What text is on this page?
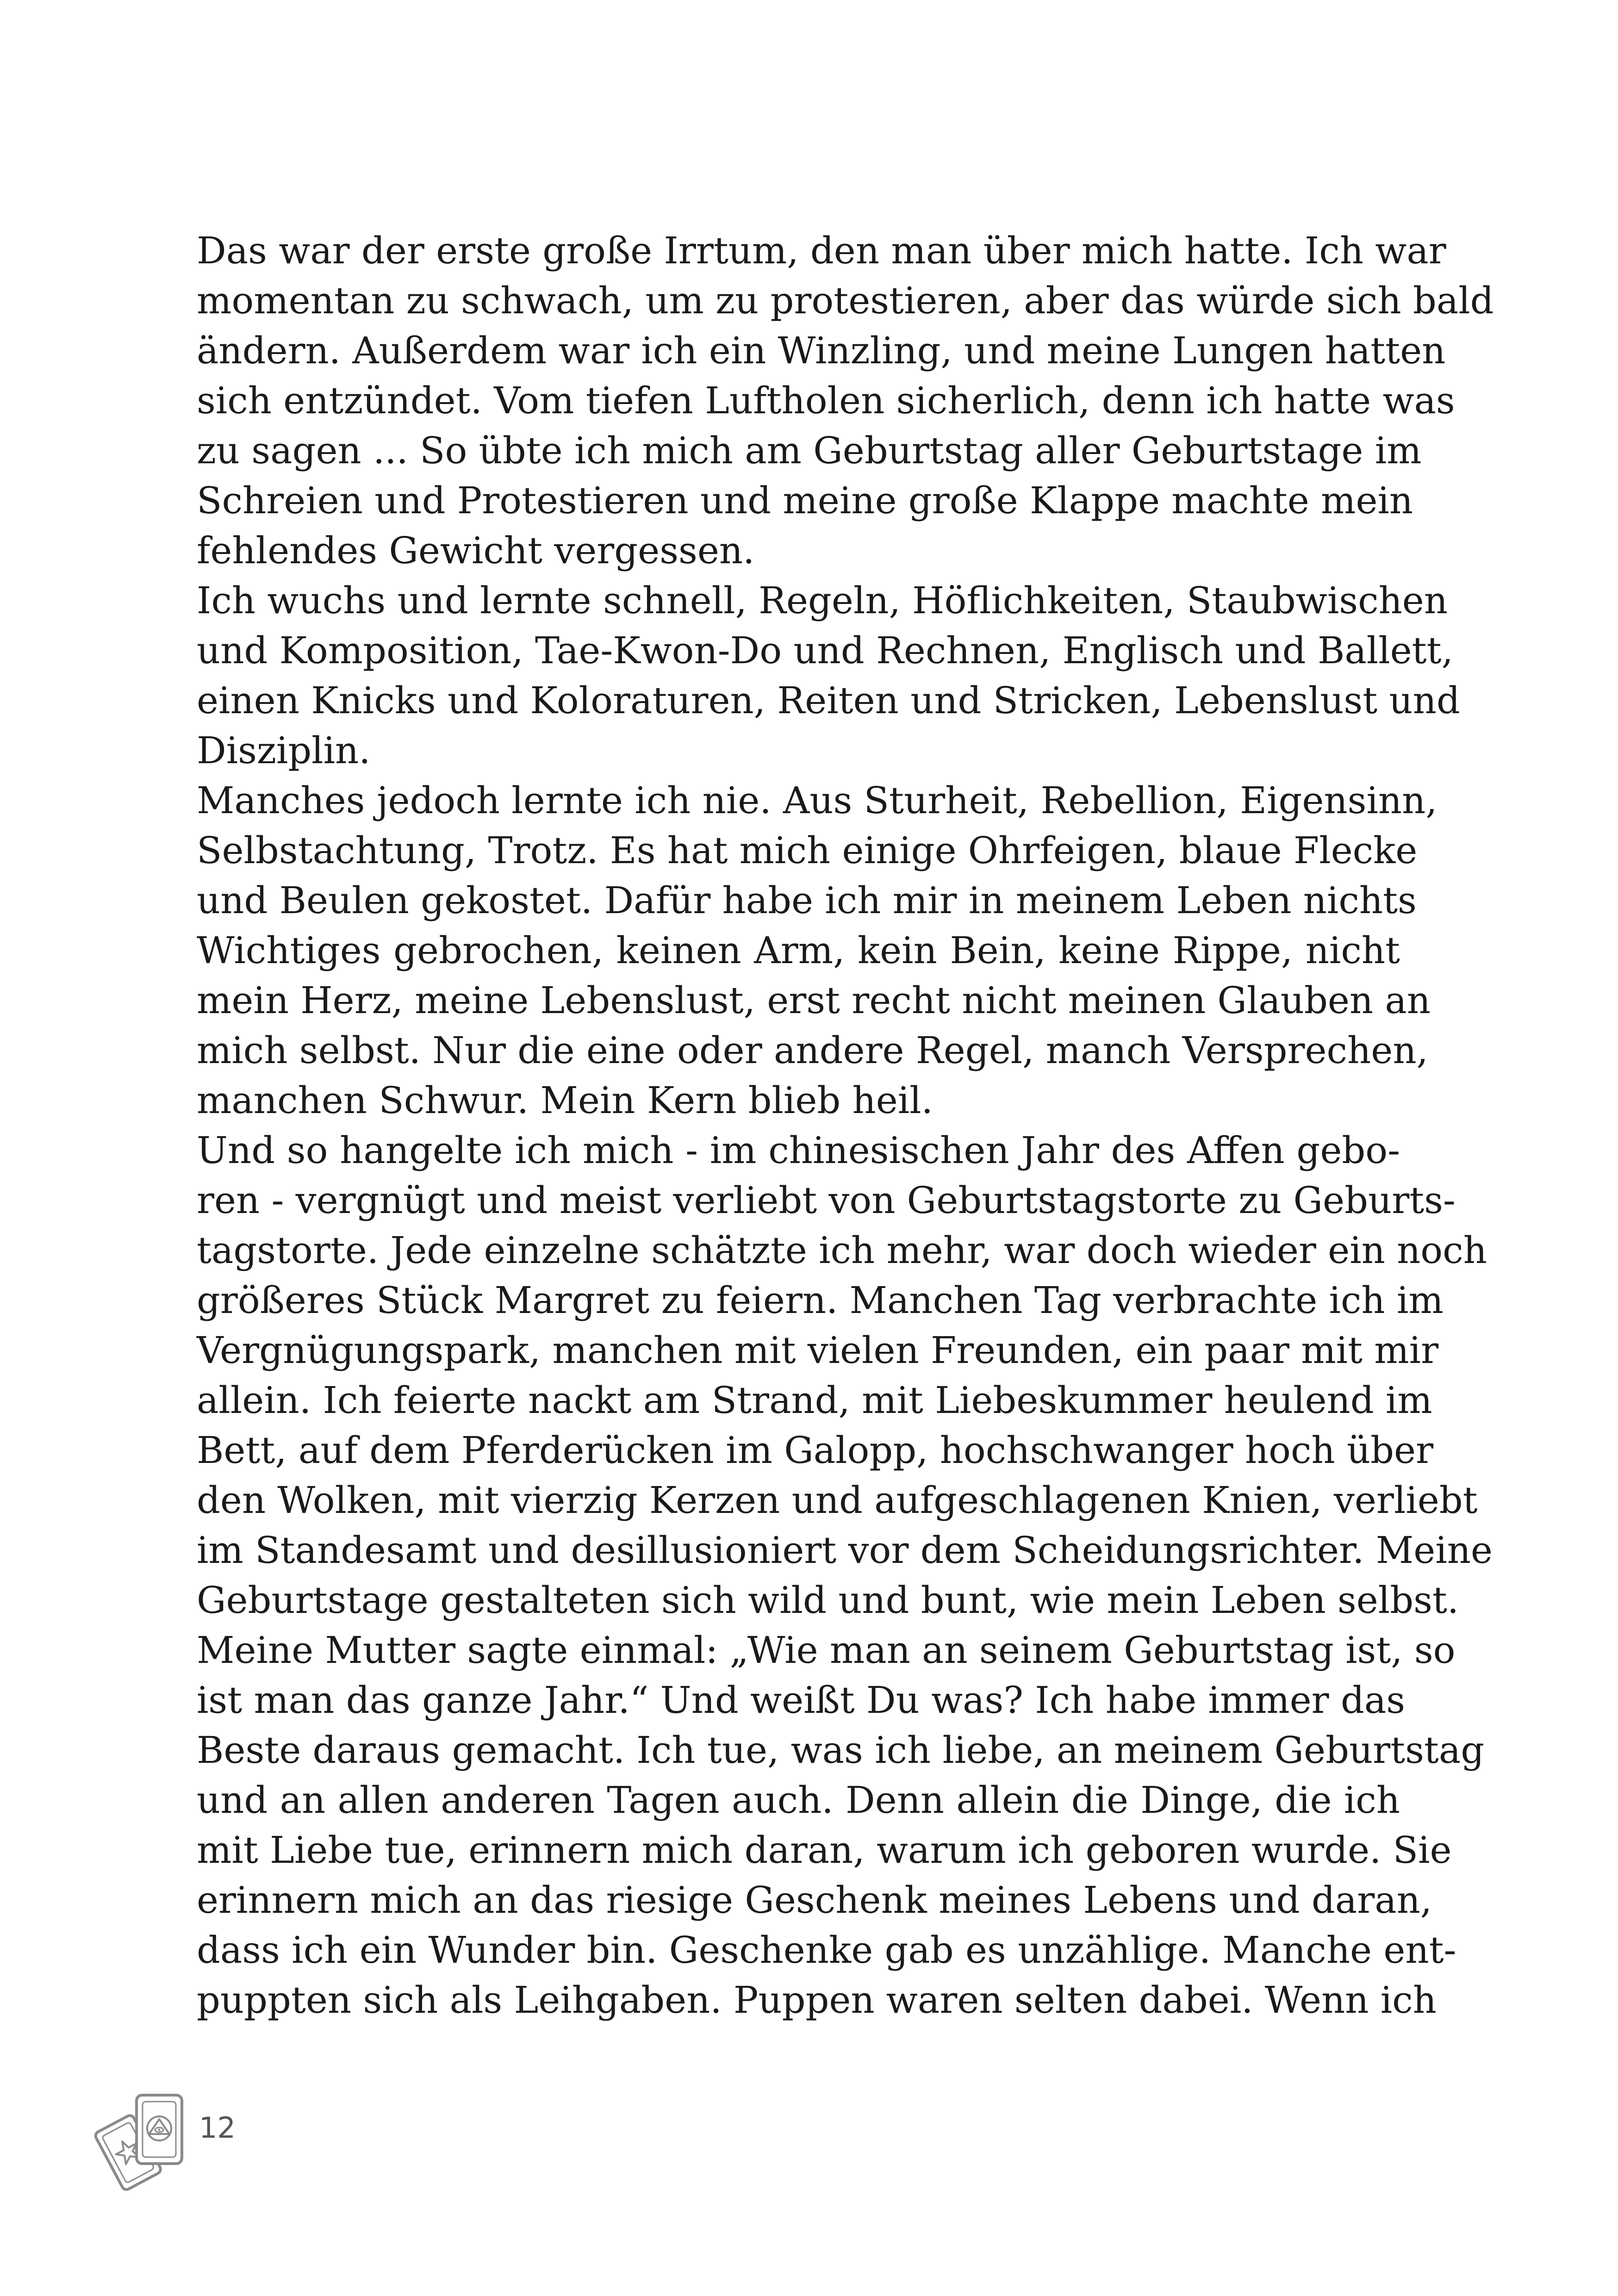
Das war der erste große Irrtum, den man über mich hatte. Ich war
momentan zu schwach, um zu protestieren, aber das würde sich bald
ändern. Außerdem war ich ein Winzling, und meine Lungen hatten
sich entzündet. Vom tiefen Luftholen sicherlich, denn ich hatte was
zu sagen ... So übte ich mich am Geburtstag aller Geburtstage im
Schreien und Protestieren und meine große Klappe machte mein
fehlendes Gewicht vergessen.
Ich wuchs und lernte schnell, Regeln, Höflichkeiten, Staubwischen
und Komposition, Tae-Kwon-Do und Rechnen, Englisch und Ballett,
einen Knicks und Koloraturen, Reiten und Stricken, Lebenslust und
Disziplin.
Manches jedoch lernte ich nie. Aus Sturheit, Rebellion, Eigensinn,
Selbstachtung, Trotz. Es hat mich einige Ohrfeigen, blaue Flecke
und Beulen gekostet. Dafür habe ich mir in meinem Leben nichts
Wichtiges gebrochen, keinen Arm, kein Bein, keine Rippe, nicht
mein Herz, meine Lebenslust, erst recht nicht meinen Glauben an
mich selbst. Nur die eine oder andere Regel, manch Versprechen,
manchen Schwur. Mein Kern blieb heil.
Und so hangelte ich mich - im chinesischen Jahr des Affen gebo-
ren - vergnügt und meist verliebt von Geburtstagstorte zu Geburts-
tagstorte. Jede einzelne schätzte ich mehr, war doch wieder ein noch
größeres Stück Margret zu feiern. Manchen Tag verbrachte ich im
Vergnügungspark, manchen mit vielen Freunden, ein paar mit mir
allein. Ich feierte nackt am Strand, mit Liebeskummer heulend im
Bett, auf dem Pferderücken im Galopp, hochschwanger hoch über
den Wolken, mit vierzig Kerzen und aufgeschlagenen Knien, verliebt
im Standesamt und desillusioniert vor dem Scheidungsrichter. Meine
Geburtstage gestalteten sich wild und bunt, wie mein Leben selbst.
Meine Mutter sagte einmal: „Wie man an seinem Geburtstag ist, so
ist man das ganze Jahr.“ Und weißt Du was? Ich habe immer das
Beste daraus gemacht. Ich tue, was ich liebe, an meinem Geburtstag
und an allen anderen Tagen auch. Denn allein die Dinge, die ich
mit Liebe tue, erinnern mich daran, warum ich geboren wurde. Sie
erinnern mich an das riesige Geschenk meines Lebens und daran,
dass ich ein Wunder bin. Geschenke gab es unzählige. Manche ent-
puppten sich als Leihgaben. Puppen waren selten dabei. Wenn ich
12
